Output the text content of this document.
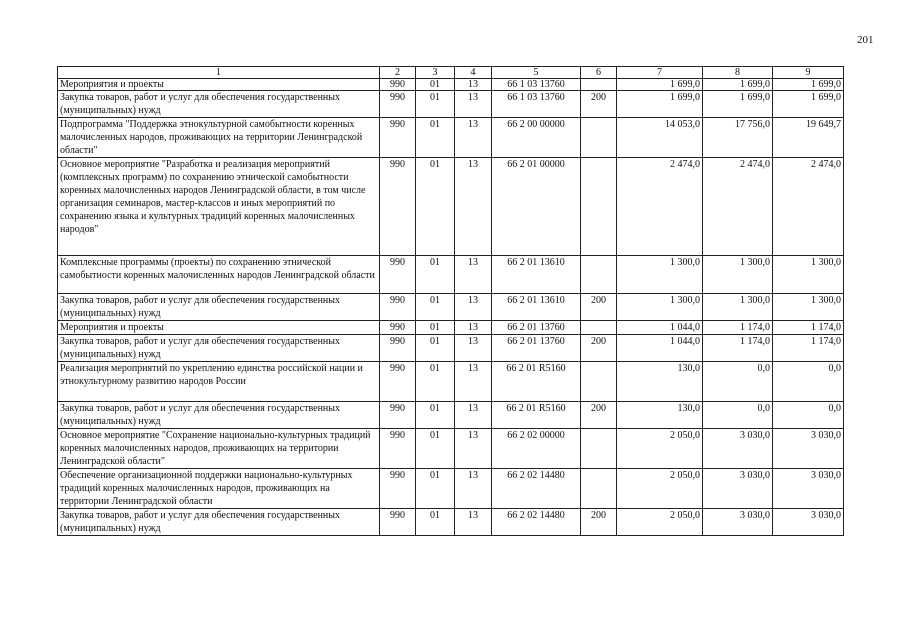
201
1	2	3	4	5	6	7	8	9
Мероприятия и проекты	990	01	13	66 1 03 13760		1 699,0	1 699,0	1 699,0
Закупка товаров, работ и услуг для обеспечения государственных (муниципальных) нужд	990	01	13	66 1 03 13760	200	1 699,0	1 699,0	1 699,0
Подпрограмма "Поддержка этнокультурной самобытности коренных малочисленных народов, проживающих на территории Ленинградской области"	990	01	13	66 2 00 00000		14 053,0	17 756,0	19 649,7
Основное мероприятие "Разработка и реализация мероприятий (комплексных программ) по сохранению этнической самобытности коренных малочисленных народов Ленинградской области, в том числе организация семинаров, мастер-классов и иных мероприятий по сохранению языка и культурных традиций коренных малочисленных народов"	990	01	13	66 2 01 00000		2 474,0	2 474,0	2 474,0
Комплексные программы (проекты) по сохранению этнической самобытности коренных малочисленных народов Ленинградской области	990	01	13	66 2 01 13610		1 300,0	1 300,0	1 300,0
Закупка товаров, работ и услуг для обеспечения государственных (муниципальных) нужд	990	01	13	66 2 01 13610	200	1 300,0	1 300,0	1 300,0
Мероприятия и проекты	990	01	13	66 2 01 13760		1 044,0	1 174,0	1 174,0
Закупка товаров, работ и услуг для обеспечения государственных (муниципальных) нужд	990	01	13	66 2 01 13760	200	1 044,0	1 174,0	1 174,0
Реализация мероприятий по укреплению единства российской нации и этнокультурному развитию народов России	990	01	13	66 2 01 R5160		130,0	0,0	0,0
Закупка товаров, работ и услуг для обеспечения государственных (муниципальных) нужд	990	01	13	66 2 01 R5160	200	130,0	0,0	0,0
Основное мероприятие "Сохранение национально-культурных традиций коренных малочисленных народов, проживающих на территории Ленинградской области"	990	01	13	66 2 02 00000		2 050,0	3 030,0	3 030,0
Обеспечение организационной поддержки национально-культурных традиций коренных малочисленных народов, проживающих на территории Ленинградской области	990	01	13	66 2 02 14480		2 050,0	3 030,0	3 030,0
Закупка товаров, работ и услуг для обеспечения государственных (муниципальных) нужд	990	01	13	66 2 02 14480	200	2 050,0	3 030,0	3 030,0
